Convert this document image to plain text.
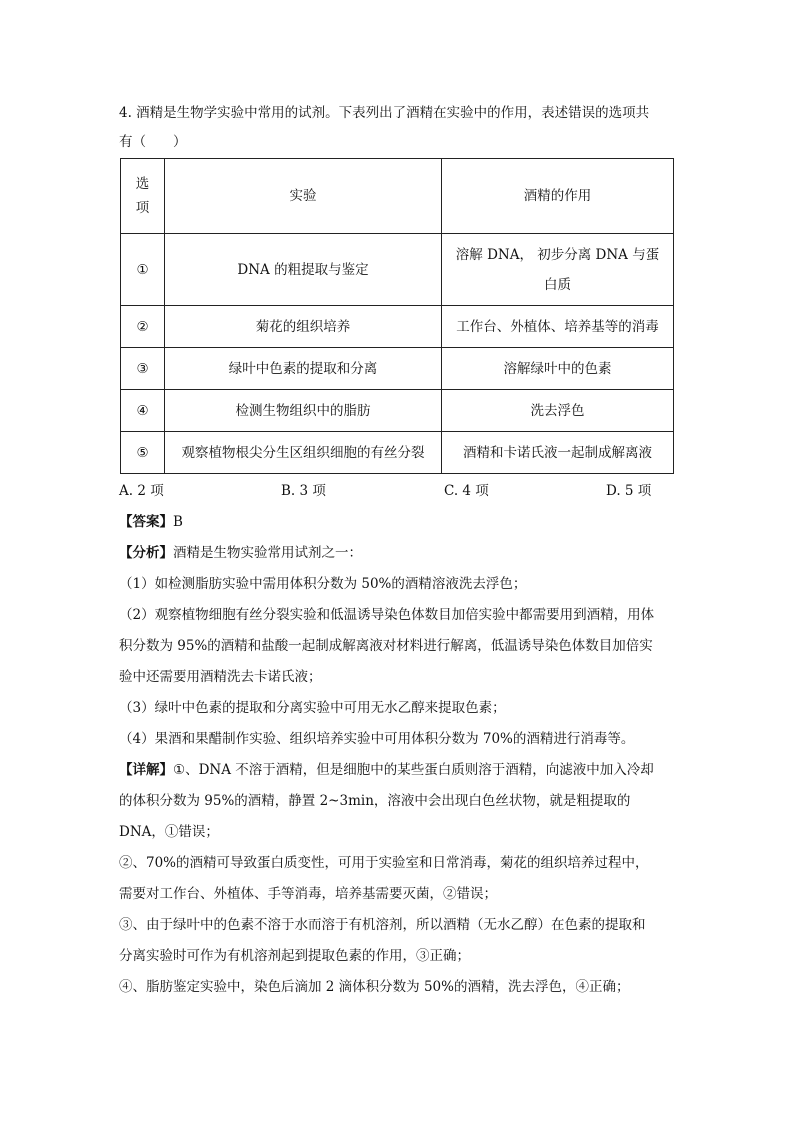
4. 酒精是生物学实验中常用的试剂。下表列出了酒精在实验中的作用，表述错误的选项共
有（　　）
选
项	实验	酒精的作用
①	DNA 的粗提取与鉴定	溶解 DNA， 初步分离 DNA 与蛋
白质
②	菊花的组织培养	工作台、外植体、培养基等的消毒
③	绿叶中色素的提取和分离	溶解绿叶中的色素
④	检测生物组织中的脂肪	洗去浮色
⑤	观察植物根尖分生区组织细胞的有丝分裂	酒精和卡诺氏液一起制成解离液
A. 2 项	B. 3 项	C. 4 项	D. 5 项
【答案】B
【分析】酒精是生物实验常用试剂之一：
（1）如检测脂肪实验中需用体积分数为 50%的酒精溶液洗去浮色；
（2）观察植物细胞有丝分裂实验和低温诱导染色体数目加倍实验中都需要用到酒精，用体
积分数为 95%的酒精和盐酸一起制成解离液对材料进行解离，低温诱导染色体数目加倍实
验中还需要用酒精洗去卡诺氏液；
（3）绿叶中色素的提取和分离实验中可用无水乙醇来提取色素；
（4）果酒和果醋制作实验、组织培养实验中可用体积分数为 70%的酒精进行消毒等。
【详解】①、DNA 不溶于酒精，但是细胞中的某些蛋白质则溶于酒精，向滤液中加入冷却
的体积分数为 95%的酒精，静置 2~3min，溶液中会出现白色丝状物，就是粗提取的
DNA，①错误；
②、70%的酒精可导致蛋白质变性，可用于实验室和日常消毒，菊花的组织培养过程中，
需要对工作台、外植体、手等消毒，培养基需要灭菌，②错误；
③、由于绿叶中的色素不溶于水而溶于有机溶剂，所以酒精（无水乙醇）在色素的提取和
分离实验时可作为有机溶剂起到提取色素的作用，③正确；
④、脂肪鉴定实验中，染色后滴加 2 滴体积分数为 50%的酒精，洗去浮色，④正确；
